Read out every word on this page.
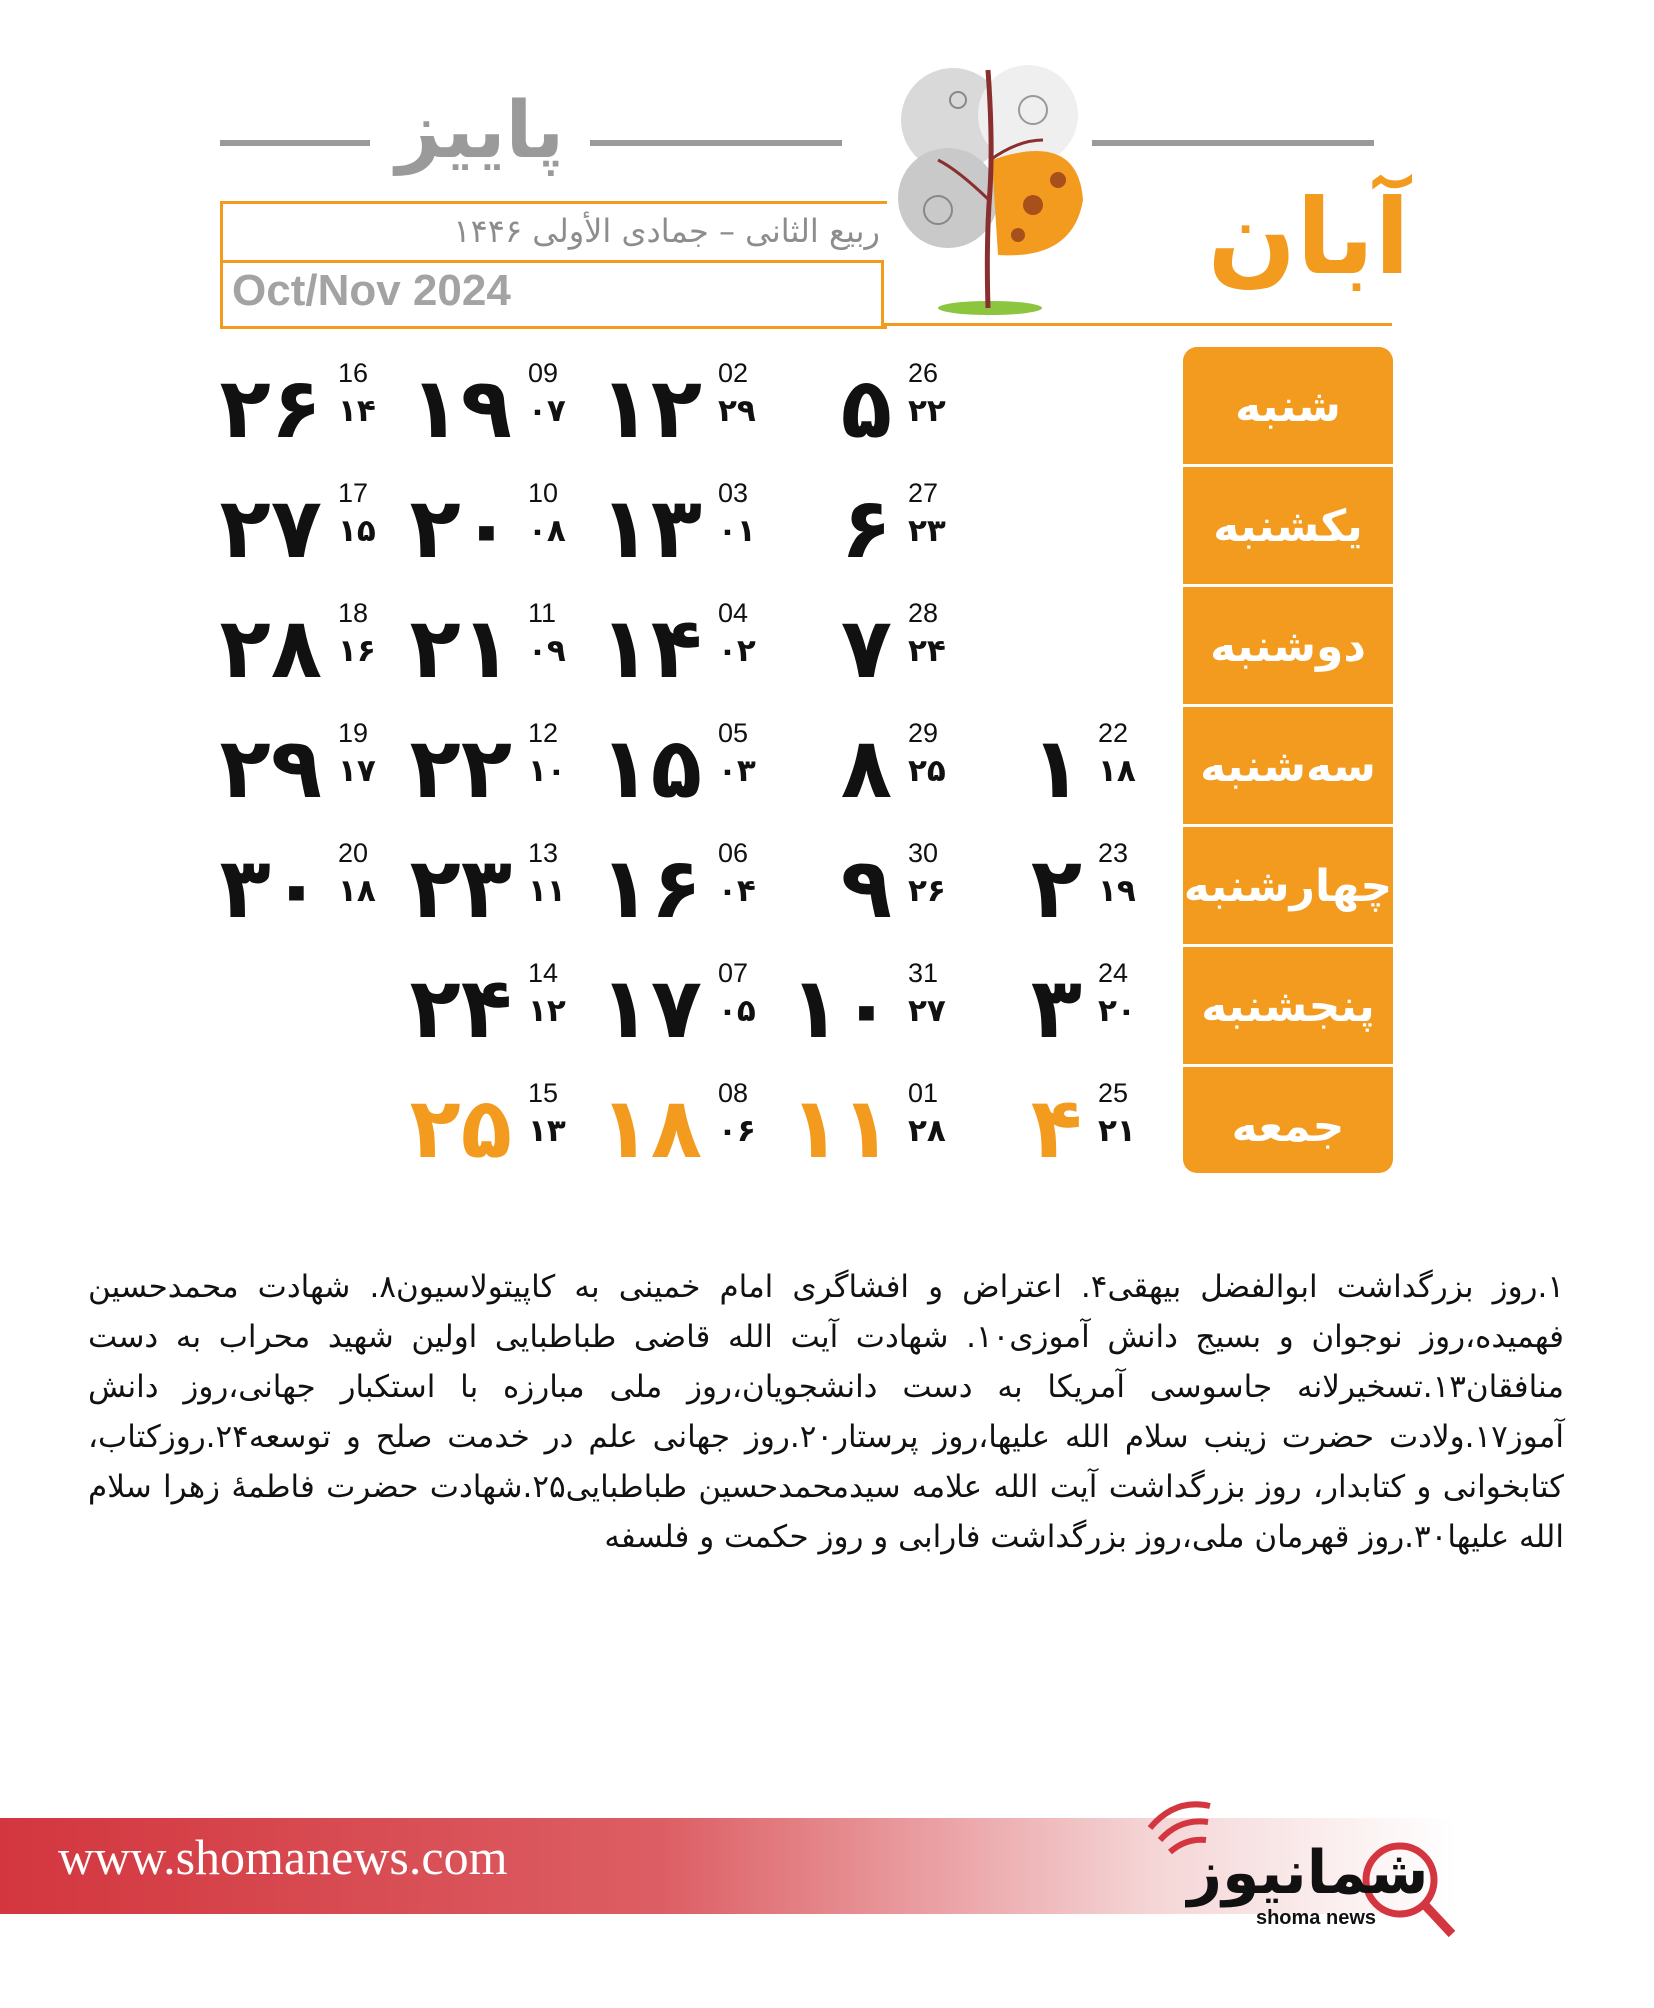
پاییز
آبان
ربیع الثانی – جمادی الأولی ۱۴۴۶
Oct/Nov 2024
شنبه
یکشنبه
دوشنبه
سه‌شنبه
چهارشنبه
پنجشنبه
جمعه
۱ 22
۱۸
۲ 23
۱۹
۳ 24
۲۰
۴ 25
۲۱
۵ 26
۲۲
۶ 27
۲۳
۷ 28
۲۴
۸ 29
۲۵
۹ 30
۲۶
۱۰ 31
۲۷
۱۱ 01
۲۸
۱۲ 02
۲۹
۱۳ 03
۰۱
۱۴ 04
۰۲
۱۵ 05
۰۳
۱۶ 06
۰۴
۱۷ 07
۰۵
۱۸ 08
۰۶
۱۹ 09
۰۷
۲۰ 10
۰۸
۲۱ 11
۰۹
۲۲ 12
۱۰
۲۳ 13
۱۱
۲۴ 14
۱۲
۲۵ 15
۱۳
۲۶ 16
۱۴
۲۷ 17
۱۵
۲۸ 18
۱۶
۲۹ 19
۱۷
۳۰ 20
۱۸
۱.روز بزرگداشت ابوالفضل بیهقی۴. اعتراض و افشاگری امام خمینی به کاپیتولاسیون۸. شهادت محمدحسین فهمیده،روز نوجوان و بسیج دانش آموزی۱۰. شهادت آیت الله قاضی طباطبایی اولین شهید محراب به دست منافقان۱۳.تسخیرلانه جاسوسی آمریکا به دست دانشجویان،روز ملی مبارزه با استکبار جهانی،روز دانش آموز۱۷.ولادت حضرت زینب سلام الله علیها،روز پرستار۲۰.روز جهانی علم در خدمت صلح و توسعه۲۴.روزکتاب، کتابخوانی و کتابدار، روز بزرگداشت آیت الله علامه سیدمحمدحسین طباطبایی۲۵.شهادت حضرت فاطمهٔ زهرا سلام الله علیها۳۰.روز قهرمان ملی،روز بزرگداشت فارابی و روز حکمت و فلسفه
www.shomanews.com	شمانیوز
shoma news
